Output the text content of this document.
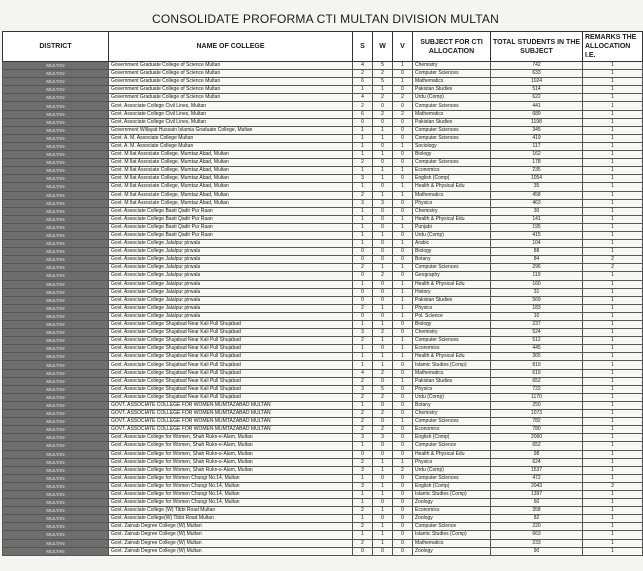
CONSOLIDATE PROFORMA CTI MULTAN DIVISION MULTAN
DISTRICT	NAME OF COLLEGE	S	W	V	SUBJECT FOR CTI ALLOCATION	TOTAL STUDENTS IN THE SUBJECT	REMARKS THE ALLOCATION I.E.
MULTAN	Government Graduate College of Science Multan	4	5	1	Chemistry	742	1
MULTAN	Government Graduate College of Science Multan	2	2	0	Computer Sciences	633	1
MULTAN	Government Graduate College of Science Multan	6	5	1	Mathematics	1024	1
MULTAN	Government Graduate College of Science Multan	1	1	0	Pakistan Studies	514	1
MULTAN	Government Graduate College of Science Multan	4	2	2	Urdu (Comp)	622	1
MULTAN	Govt. Associate College Civil Lines, Multan	2	0	0	Computer Sciences	441	1
MULTAN	Govt. Associate College Civil Lines, Multan	6	2	2	Mathematics	689	1
MULTAN	Govt. Associate College Civil Lines, Multan	0	0	0	Pakistan Studies	1198	1
MULTAN	Government Willayat Hussain Islamia Graduate College, Multan	1	1	0	Computer Sciences	345	1
MULTAN	Govt. A. M. Associate College Multan	1	1	0	Computer Sciences	419	1
MULTAN	Govt. A. M. Associate College Multan	1	0	1	Sociology	117	1
MULTAN	Govt. M Ilat Associate College, Mumtaz Abad, Multan	1	1	0	Biology	162	1
MULTAN	Govt. M Ilat Associate College, Mumtaz Abad, Multan	2	0	0	Computer Sciences	178	1
MULTAN	Govt. M Ilat Associate College, Mumtaz Abad, Multan	1	1	1	Economics	235	1
MULTAN	Govt. M Ilat Associate College, Mumtaz Abad, Multan	3	1	0	English (Comp)	1054	1
MULTAN	Govt. M Ilat Associate College, Mumtaz Abad, Multan	1	0	1	Health & Physical Edu	35	1
MULTAN	Govt. M Ilat Associate College, Mumtaz Abad, Multan	2	1	1	Mathematics	458	1
MULTAN	Govt. M Ilat Associate College, Mumtaz Abad, Multan	3	3	0	Physics	463	1
MULTAN	Govt. Associate College Basti Qadir Pur Raan	1	0	0	Chemistry	30	1
MULTAN	Govt. Associate College Basti Qadir Pur Raan	1	0	1	Health & Physical Edu	141	1
MULTAN	Govt. Associate College Basti Qadir Pur Raan	1	0	1	Punjabi	195	1
MULTAN	Govt. Associate College Basti Qadir Pur Raan	1	1	0	Urdu (Comp)	415	1
MULTAN	Govt. Associate College Jalalpur pirwala	1	0	1	Arabic	104	1
MULTAN	Govt. Associate College Jalalpur pirwala	0	0	0	Biology	88	1
MULTAN	Govt. Associate College Jalalpur pirwala	0	0	0	Botany	84	2
MULTAN	Govt. Associate College Jalalpur pirwala	2	1	1	Computer Sciences	296	2
MULTAN	Govt. Associate College Jalalpur pirwala	0	2	0	Geography	119	1
MULTAN	Govt. Associate College Jalalpur pirwala	1	0	1	Health & Physical Edu	160	1
MULTAN	Govt. Associate College Jalalpur pirwala	0	0	1	History	31	1
MULTAN	Govt. Associate College Jalalpur pirwala	0	0	1	Pakistan Studies	569	1
MULTAN	Govt. Associate College Jalalpur pirwala	2	1	1	Physics	183	1
MULTAN	Govt. Associate College Jalalpur pirwala	0	0	1	Pol. Science	10	1
MULTAN	Govt. Associate College Shujabad Near Kali Pull Shujabad	1	1	0	Biology	237	1
MULTAN	Govt. Associate College Shujabad Near Kali Pull Shujabad	3	2	0	Chemistry	524	1
MULTAN	Govt. Associate College Shujabad Near Kali Pull Shujabad	2	1	1	Computer Sciences	512	1
MULTAN	Govt. Associate College Shujabad Near Kali Pull Shujabad	1	0	1	Economics	445	1
MULTAN	Govt. Associate College Shujabad Near Kali Pull Shujabad	1	1	1	Health & Physical Edu	365	1
MULTAN	Govt. Associate College Shujabad Near Kali Pull Shujabad	1	1	0	Islamic Studies (Comp)	819	1
MULTAN	Govt. Associate College Shujabad Near Kali Pull Shujabad	4	2	0	Mathematics	619	1
MULTAN	Govt. Associate College Shujabad Near Kali Pull Shujabad	2	0	1	Pakistan Studies	652	1
MULTAN	Govt. Associate College Shujabad Near Kali Pull Shujabad	3	5	0	Physics	722	1
MULTAN	Govt. Associate College Shujabad Near Kali Pull Shujabad	2	2	0	Urdu (Comp)	1170	1
MULTAN	GOVT. ASSOCIATE COLLEGE FOR WOMEN MUMTAZABAD MULTAN	1	0	0	Botany	250	1
MULTAN	GOVT. ASSOCIATE COLLEGE FOR WOMEN MUMTAZABAD MULTAN	2	2	0	Chemistry	1073	1
MULTAN	GOVT. ASSOCIATE COLLEGE FOR WOMEN MUMTAZABAD MULTAN	2	0	1	Computer Sciences	782	1
MULTAN	GOVT. ASSOCIATE COLLEGE FOR WOMEN MUMTAZABAD MULTAN	2	2	0	Economics	780	1
MULTAN	Govt. Associate College for Women, Shah Rukn-e-Alam, Multan	3	3	0	English (Comp)	2060	1
MULTAN	Govt. Associate College for Women, Shah Rukn-e-Alam, Multan	1	0	0	Computer Science	652	1
MULTAN	Govt. Associate College for Women, Shah Rukn-e-Alam, Multan	0	0	0	Health & Physical Edu	98	1
MULTAN	Govt. Associate College for Women, Shah Rukn-e-Alam, Multan	2	1	1	Physics	624	1
MULTAN	Govt. Associate College for Women, Shah Rukn-e-Alam, Multan	3	1	2	Urdu (Comp)	1537	1
MULTAN	Govt. Associate College for Women Chungi No.14, Multan	1	0	0	Computer Sciences	472	1
MULTAN	Govt. Associate College for Women Chungi No.14, Multan	3	1	0	English (Comp)	2043	2
MULTAN	Govt. Associate College for Women Chungi No.14, Multan	1	1	0	Islamic Studies (Comp)	1397	1
MULTAN	Govt. Associate College for Women Chungi No.14, Multan	1	0	0	Zoology	60	1
MULTAN	Govt. Associate College (W) Tibbi Road Multan	2	1	0	Economics	358	1
MULTAN	Govt. Associate College(W) Tibbi Road Multan	1	0	0	Zoology	82	1
MULTAN	Govt. Zainab Degree College (W) Multan	2	1	0	Computer Science	220	1
MULTAN	Govt. Zainab Degree College (W) Multan	1	1	0	Islamic Studies (Comp)	663	1
MULTAN	Govt. Zainab Degree College (W) Multan	2	1	0	Mathematics	233	1
MULTAN	Govt. Zainab Degree College (W) Multan	0	0	0	Zoology	90	1
